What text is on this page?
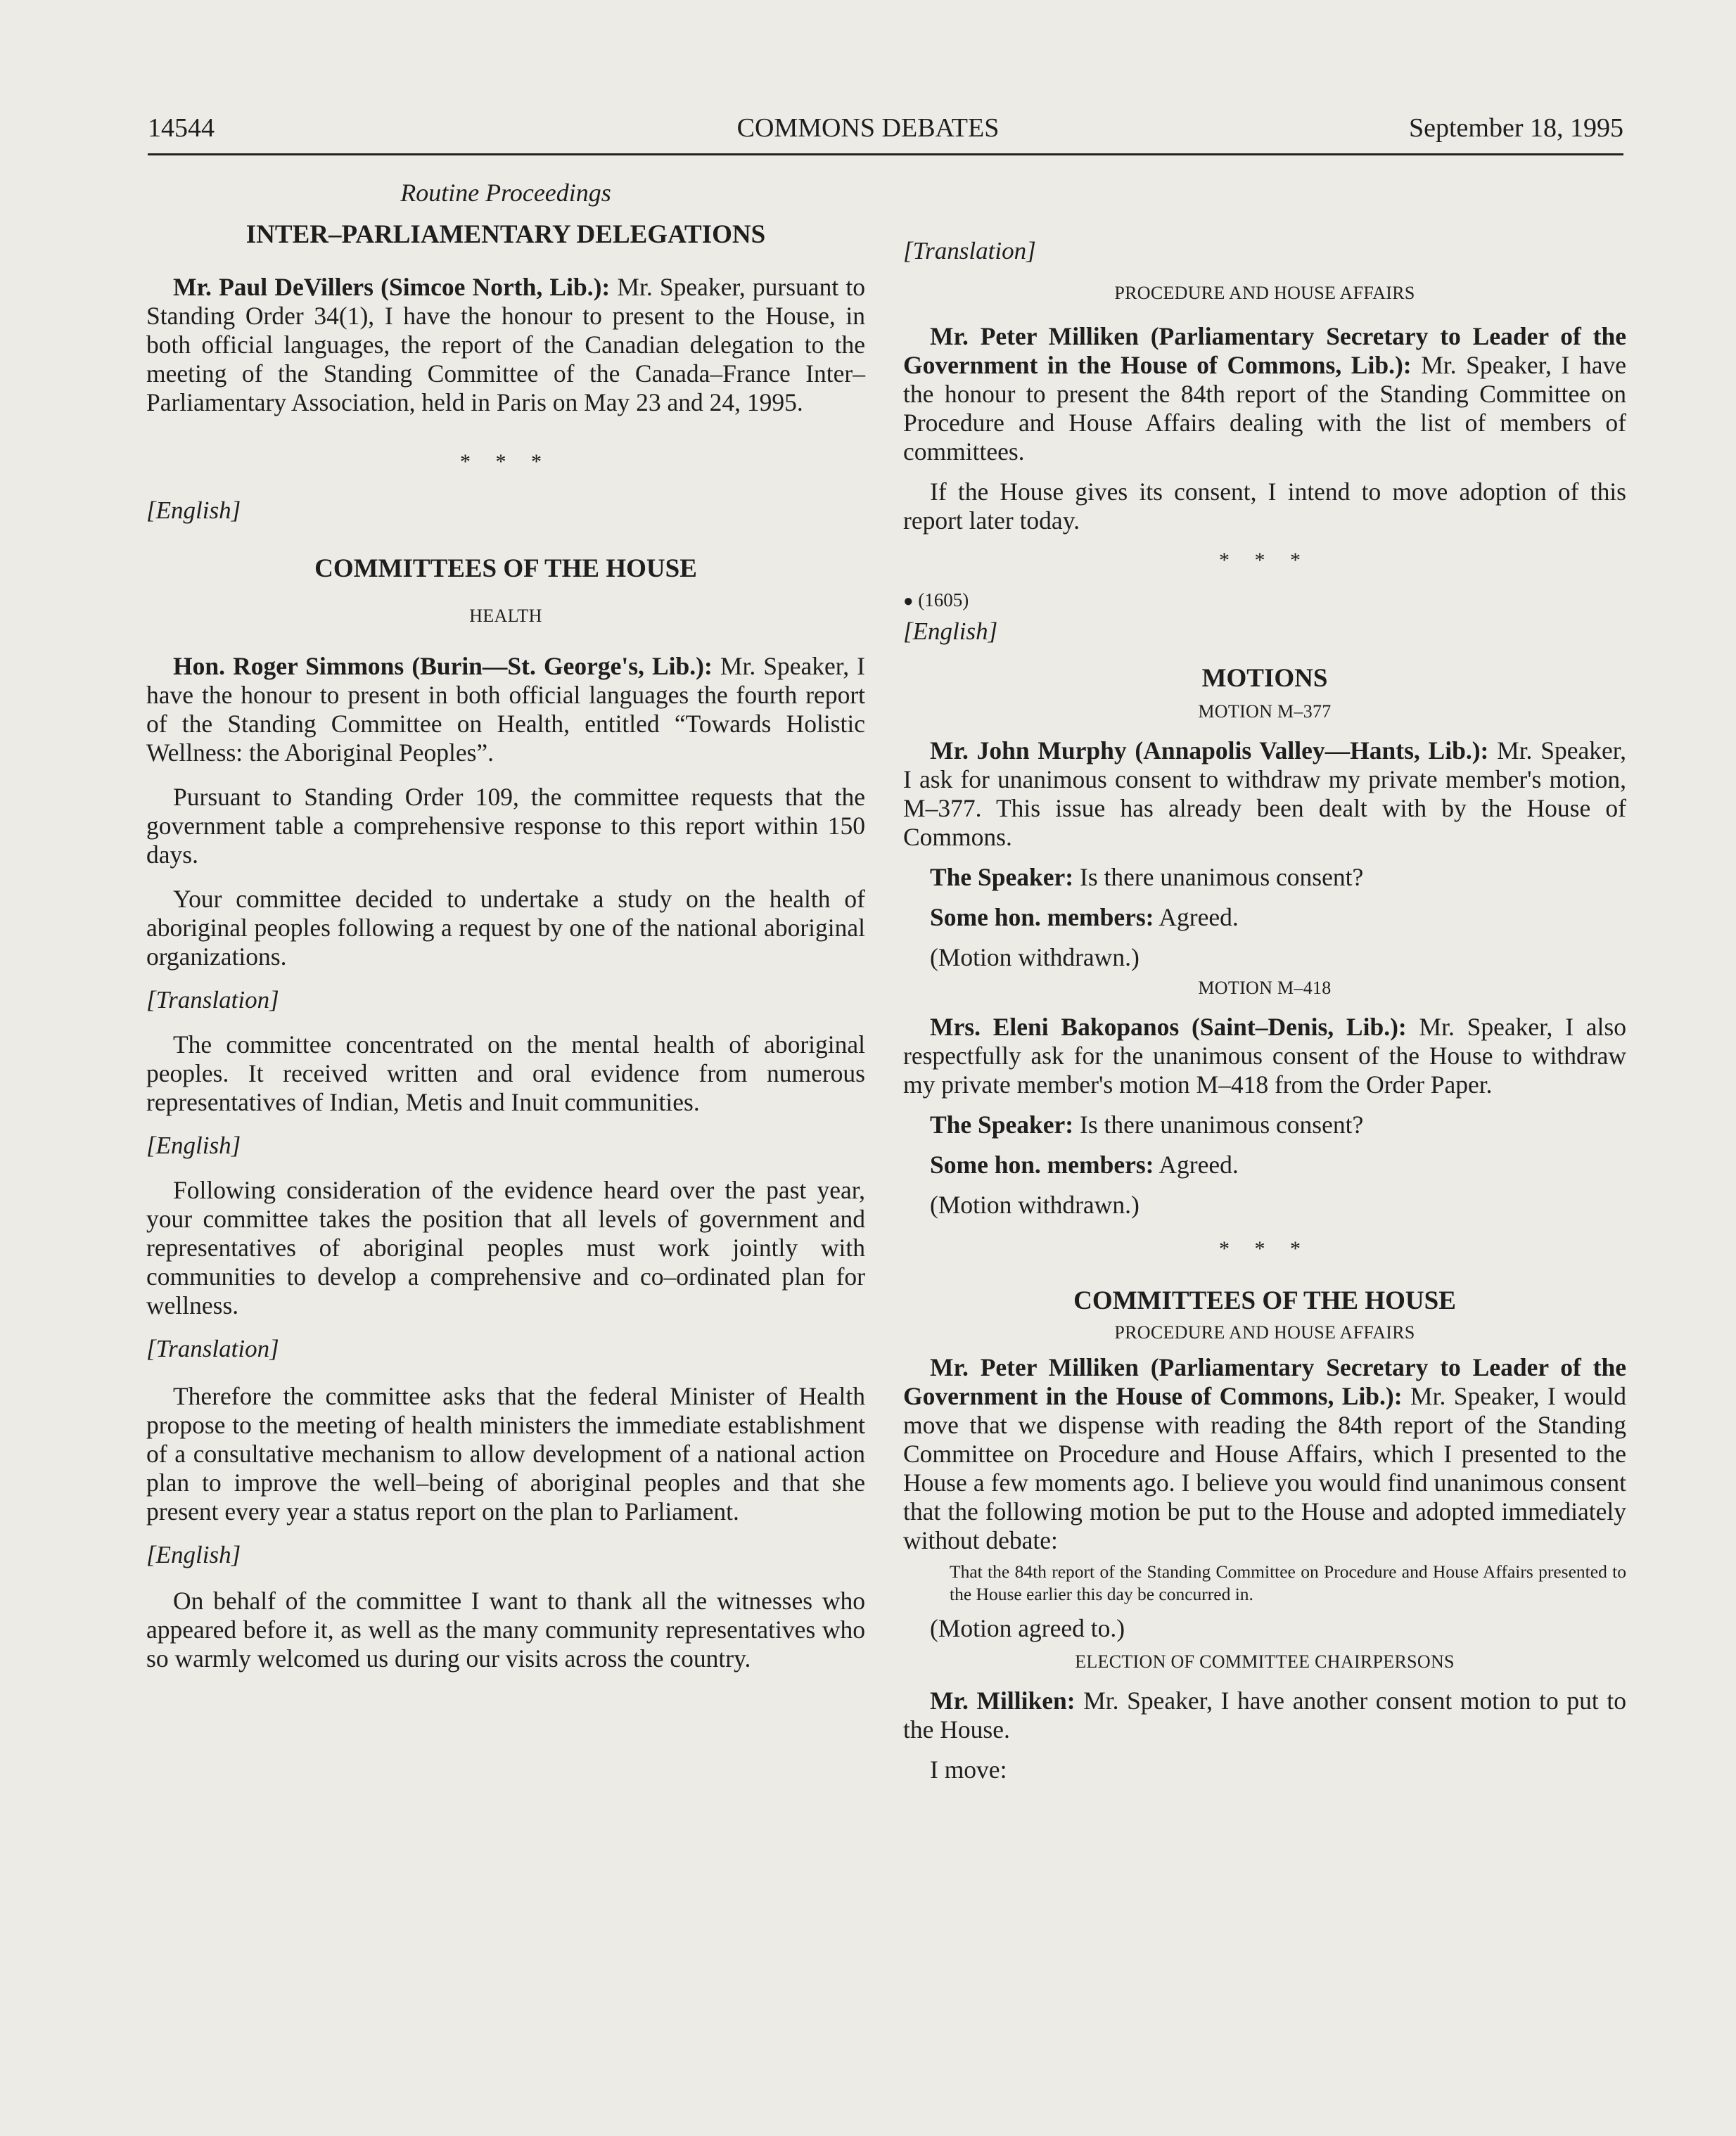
14544	COMMONS DEBATES	September 18, 1995
Routine Proceedings
INTER–PARLIAMENTARY DELEGATIONS

Mr. Paul DeVillers (Simcoe North, Lib.): Mr. Speaker, pursuant to Standing Order 34(1), I have the honour to present to the House, in both official languages, the report of the Canadian delegation to the meeting of the Standing Committee of the Canada–France Inter–Parliamentary Association, held in Paris on May 23 and 24, 1995.

* * *
[English]
COMMITTEES OF THE HOUSE
HEALTH

Hon. Roger Simmons (Burin—St. George's, Lib.): Mr. Speaker, I have the honour to present in both official languages the fourth report of the Standing Committee on Health, entitled “Towards Holistic Wellness: the Aboriginal Peoples”.

Pursuant to Standing Order 109, the committee requests that the government table a comprehensive response to this report within 150 days.

Your committee decided to undertake a study on the health of aboriginal peoples following a request by one of the national aboriginal organizations.

[Translation]

The committee concentrated on the mental health of aboriginal peoples. It received written and oral evidence from numerous representatives of Indian, Metis and Inuit communities.

[English]

Following consideration of the evidence heard over the past year, your committee takes the position that all levels of government and representatives of aboriginal peoples must work jointly with communities to develop a comprehensive and co–ordinated plan for wellness.

[Translation]

Therefore the committee asks that the federal Minister of Health propose to the meeting of health ministers the immediate establishment of a consultative mechanism to allow development of a national action plan to improve the well–being of aboriginal peoples and that she present every year a status report on the plan to Parliament.

[English]

On behalf of the committee I want to thank all the witnesses who appeared before it, as well as the many community representatives who so warmly welcomed us during our visits across the country.

[Translation]
PROCEDURE AND HOUSE AFFAIRS

Mr. Peter Milliken (Parliamentary Secretary to Leader of the Government in the House of Commons, Lib.): Mr. Speaker, I have the honour to present the 84th report of the Standing Committee on Procedure and House Affairs dealing with the list of members of committees.

If the House gives its consent, I intend to move adoption of this report later today.

* * *
● (1605)
[English]
MOTIONS
MOTION M–377

Mr. John Murphy (Annapolis Valley—Hants, Lib.): Mr. Speaker, I ask for unanimous consent to withdraw my private member's motion, M–377. This issue has already been dealt with by the House of Commons.

The Speaker: Is there unanimous consent?
Some hon. members: Agreed.
(Motion withdrawn.)
MOTION M–418

Mrs. Eleni Bakopanos (Saint–Denis, Lib.): Mr. Speaker, I also respectfully ask for the unanimous consent of the House to withdraw my private member's motion M–418 from the Order Paper.

The Speaker: Is there unanimous consent?
Some hon. members: Agreed.
(Motion withdrawn.)
* * *
COMMITTEES OF THE HOUSE
PROCEDURE AND HOUSE AFFAIRS

Mr. Peter Milliken (Parliamentary Secretary to Leader of the Government in the House of Commons, Lib.): Mr. Speaker, I would move that we dispense with reading the 84th report of the Standing Committee on Procedure and House Affairs, which I presented to the House a few moments ago. I believe you would find unanimous consent that the following motion be put to the House and adopted immediately without debate:

That the 84th report of the Standing Committee on Procedure and House Affairs presented to the House earlier this day be concurred in.

(Motion agreed to.)
ELECTION OF COMMITTEE CHAIRPERSONS

Mr. Milliken: Mr. Speaker, I have another consent motion to put to the House.

I move:
